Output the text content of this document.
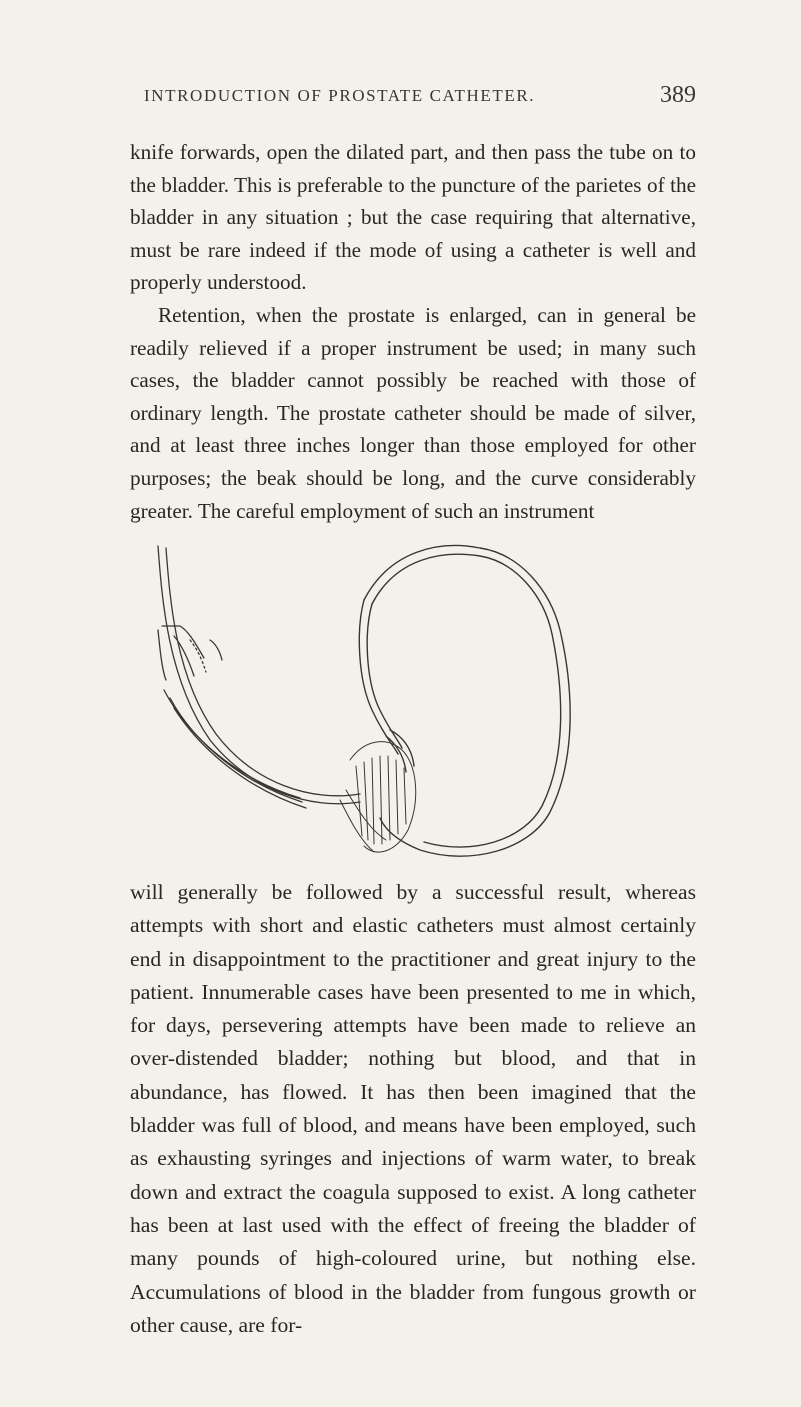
INTRODUCTION OF PROSTATE CATHETER.	389

knife forwards, open the dilated part, and then pass the tube on to the bladder. This is preferable to the puncture of the parietes of the bladder in any situation ; but the case requiring that alternative, must be rare indeed if the mode of using a catheter is well and properly understood.

Retention, when the prostate is enlarged, can in general be readily relieved if a proper instrument be used; in many such cases, the bladder cannot possibly be reached with those of ordinary length. The prostate catheter should be made of silver, and at least three inches longer than those employed for other purposes; the beak should be long, and the curve considerably greater. The careful employment of such an instrument

will generally be followed by a successful result, whereas attempts with short and elastic catheters must almost certainly end in disappointment to the practitioner and great injury to the patient. Innumerable cases have been presented to me in which, for days, persevering attempts have been made to relieve an over-distended bladder; nothing but blood, and that in abundance, has flowed. It has then been imagined that the bladder was full of blood, and means have been employed, such as exhausting syringes and injections of warm water, to break down and extract the coagula supposed to exist. A long catheter has been at last used with the effect of freeing the bladder of many pounds of high-coloured urine, but nothing else. Accumulations of blood in the bladder from fungous growth or other cause, are for-
